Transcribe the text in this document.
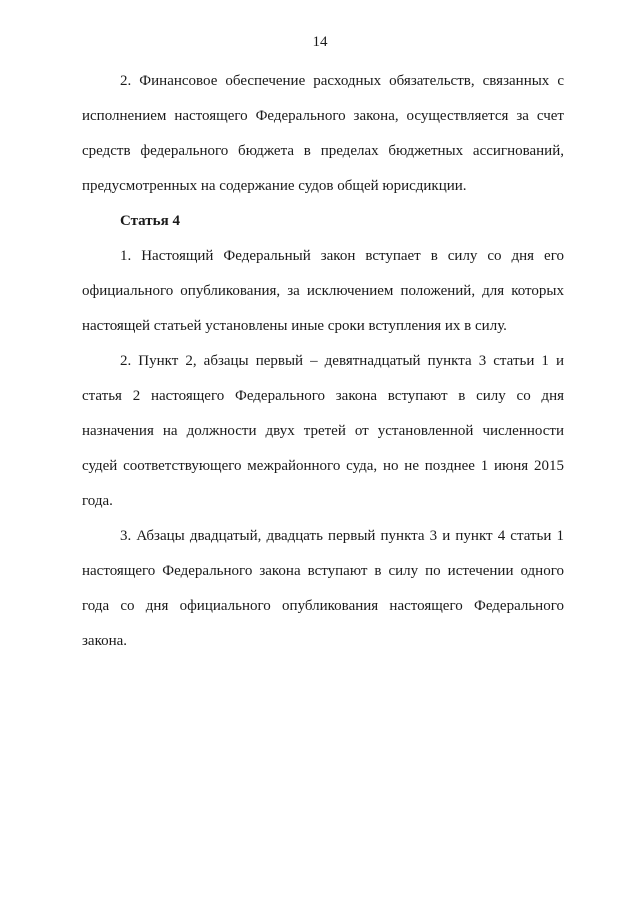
14

2. Финансовое обеспечение расходных обязательств, связанных с исполнением настоящего Федерального закона, осуществляется за счет средств федерального бюджета в пределах бюджетных ассигнований, предусмотренных на содержание судов общей юрисдикции.

Статья 4

1. Настоящий Федеральный закон вступает в силу со дня его официального опубликования, за исключением положений, для которых настоящей статьей установлены иные сроки вступления их в силу.

2. Пункт 2, абзацы первый – девятнадцатый пункта 3 статьи 1 и статья 2 настоящего Федерального закона вступают в силу со дня назначения на должности двух третей от установленной численности судей соответствующего межрайонного суда, но не позднее 1 июня 2015 года.

3. Абзацы двадцатый, двадцать первый пункта 3 и пункт 4 статьи 1 настоящего Федерального закона вступают в силу по истечении одного года со дня официального опубликования настоящего Федерального закона.
